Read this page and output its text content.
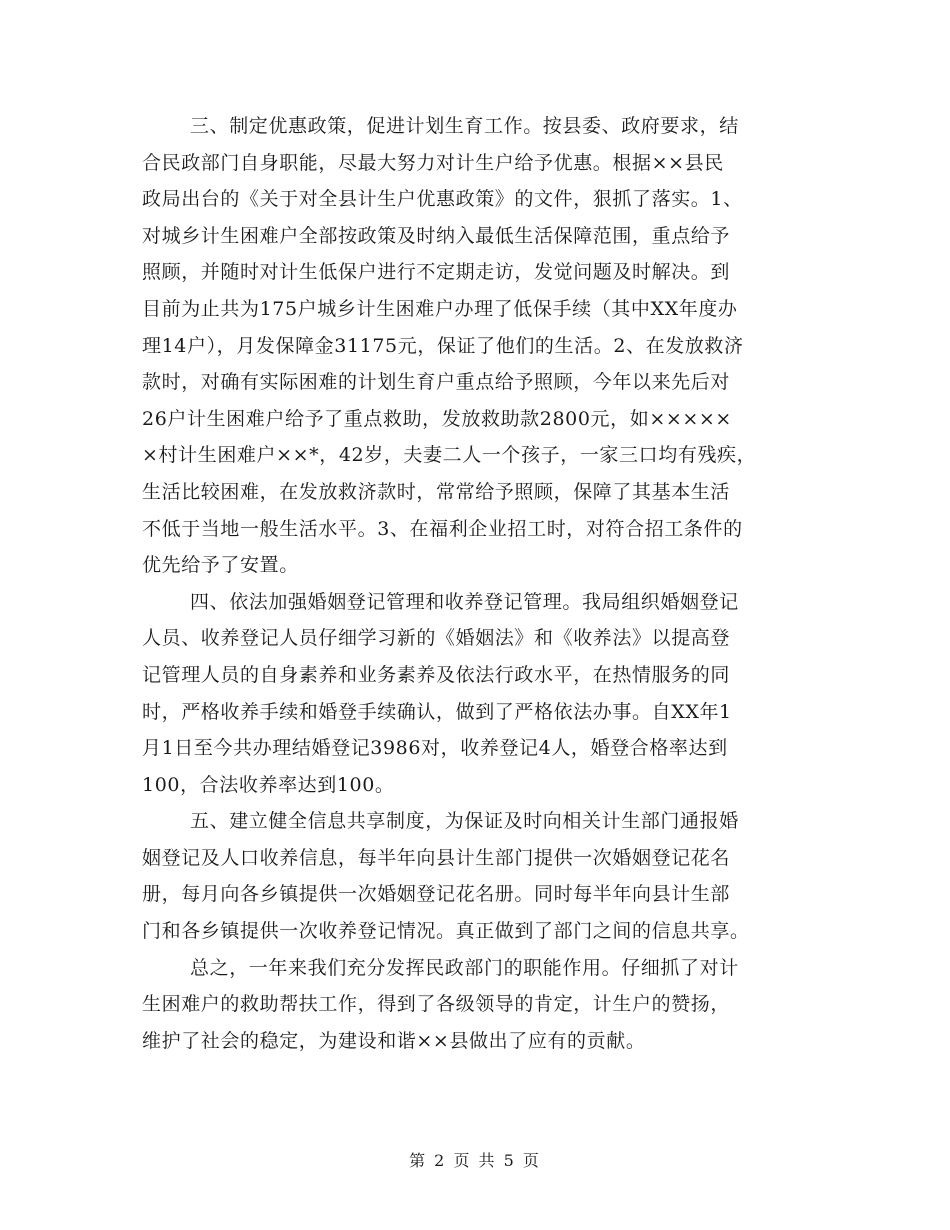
三、制定优惠政策，促进计划生育工作。按县委、政府要求，结
合民政部门自身职能，尽最大努力对计生户给予优惠。根据××县民
政局出台的《关于对全县计生户优惠政策》的文件，狠抓了落实。1、
对城乡计生困难户全部按政策及时纳入最低生活保障范围，重点给予
照顾，并随时对计生低保户进行不定期走访，发觉问题及时解决。到
目前为止共为175户城乡计生困难户办理了低保手续（其中XX年度办
理14户），月发保障金31175元，保证了他们的生活。2、在发放救济
款时，对确有实际困难的计划生育户重点给予照顾，今年以来先后对
26户计生困难户给予了重点救助，发放救助款2800元，如×××××
×村计生困难户××*，42岁，夫妻二人一个孩子，一家三口均有残疾，
生活比较困难，在发放救济款时，常常给予照顾，保障了其基本生活
不低于当地一般生活水平。3、在福利企业招工时，对符合招工条件的
优先给予了安置。
四、依法加强婚姻登记管理和收养登记管理。我局组织婚姻登记
人员、收养登记人员仔细学习新的《婚姻法》和《收养法》以提高登
记管理人员的自身素养和业务素养及依法行政水平，在热情服务的同
时，严格收养手续和婚登手续确认，做到了严格依法办事。自XX年1
月1日至今共办理结婚登记3986对，收养登记4人，婚登合格率达到
100，合法收养率达到100。
五、建立健全信息共享制度，为保证及时向相关计生部门通报婚
姻登记及人口收养信息，每半年向县计生部门提供一次婚姻登记花名
册，每月向各乡镇提供一次婚姻登记花名册。同时每半年向县计生部
门和各乡镇提供一次收养登记情况。真正做到了部门之间的信息共享。
总之，一年来我们充分发挥民政部门的职能作用。仔细抓了对计
生困难户的救助帮扶工作，得到了各级领导的肯定，计生户的赞扬，
维护了社会的稳定，为建设和谐××县做出了应有的贡献。
第 2 页 共 5 页
